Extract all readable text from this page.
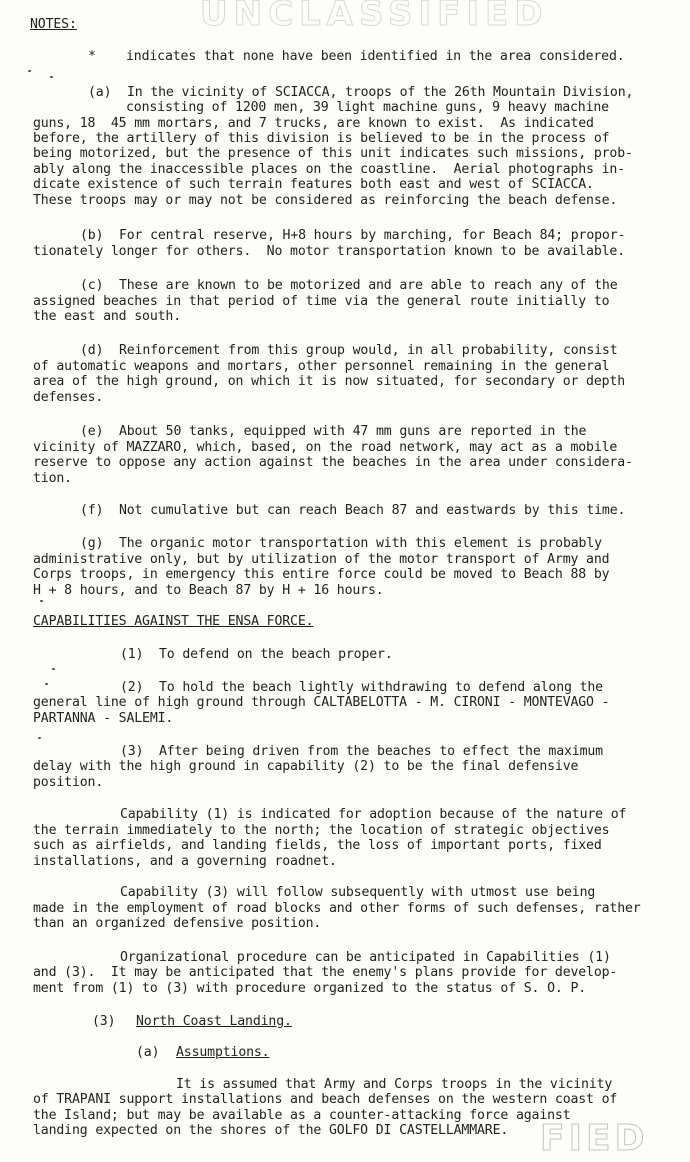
UNCLASSIFIED
NOTES:
* indicates that none have been identified in the area considered.
(a)  In the vicinity of SCIACCA, troops of the 26th Mountain Division,
consisting of 1200 men, 39 light machine guns, 9 heavy machine
guns, 18  45 mm mortars, and 7 trucks, are known to exist.  As indicated
before, the artillery of this division is believed to be in the process of
being motorized, but the presence of this unit indicates such missions, prob-
ably along the inaccessible places on the coastline.  Aerial photographs in-
dicate existence of such terrain features both east and west of SCIACCA.
These troops may or may not be considered as reinforcing the beach defense.
(b)  For central reserve, H+8 hours by marching, for Beach 84; propor-
tionately longer for others.  No motor transportation known to be available.
(c)  These are known to be motorized and are able to reach any of the
assigned beaches in that period of time via the general route initially to
the east and south.
(d)  Reinforcement from this group would, in all probability, consist
of automatic weapons and mortars, other personnel remaining in the general
area of the high ground, on which it is now situated, for secondary or depth
defenses.
(e)  About 50 tanks, equipped with 47 mm guns are reported in the
vicinity of MAZZARO, which, based, on the road network, may act as a mobile
reserve to oppose any action against the beaches in the area under considera-
tion.
(f)  Not cumulative but can reach Beach 87 and eastwards by this time.
(g)  The organic motor transportation with this element is probably
administrative only, but by utilization of the motor transport of Army and
Corps troops, in emergency this entire force could be moved to Beach 88 by
H + 8 hours, and to Beach 87 by H + 16 hours.
CAPABILITIES AGAINST THE ENSA FORCE.
(1)  To defend on the beach proper.
(2)  To hold the beach lightly withdrawing to defend along the
general line of high ground through CALTABELOTTA - M. CIRONI - MONTEVAGO -
PARTANNA - SALEMI.
(3)  After being driven from the beaches to effect the maximum
delay with the high ground in capability (2) to be the final defensive
position.
Capability (1) is indicated for adoption because of the nature of
the terrain immediately to the north; the location of strategic objectives
such as airfields, and landing fields, the loss of important ports, fixed
installations, and a governing roadnet.
Capability (3) will follow subsequently with utmost use being
made in the employment of road blocks and other forms of such defenses, rather
than an organized defensive position.
Organizational procedure can be anticipated in Capabilities (1)
and (3).  It may be anticipated that the enemy's plans provide for develop-
ment from (1) to (3) with procedure organized to the status of S. O. P.
(3) North Coast Landing.
(a) Assumptions.
It is assumed that Army and Corps troops in the vicinity
of TRAPANI support installations and beach defenses on the western coast of
the Island; but may be available as a counter-attacking force against
landing expected on the shores of the GOLFO DI CASTELLAMMARE. FIED
